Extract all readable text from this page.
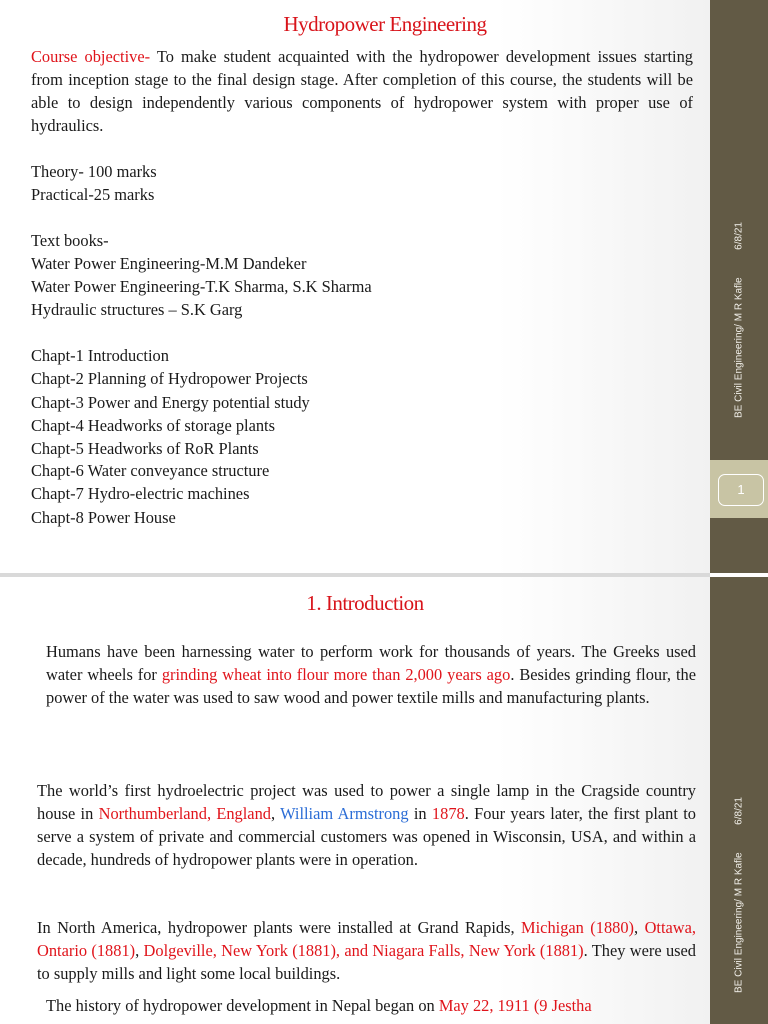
Hydropower Engineering
Course objective- To make student acquainted with the hydropower development issues starting from inception stage to the final design stage. After completion of this course, the students will be able to design independently various components of hydropower system with proper use of hydraulics.
Theory- 100 marks
Practical-25 marks
Text books-
Water Power Engineering-M.M Dandeker
Water Power Engineering-T.K Sharma, S.K Sharma
Hydraulic structures – S.K Garg
Chapt-1 Introduction
Chapt-2 Planning of Hydropower Projects
Chapt-3 Power and Energy potential study
Chapt-4 Headworks of storage plants
Chapt-5 Headworks of RoR Plants
Chapt-6 Water conveyance structure
Chapt-7 Hydro-electric machines
Chapt-8 Power House
BE Civil Engineering/ M R Kafle  6/8/21
1
1. Introduction
Humans have been harnessing water to perform work for thousands of years. The Greeks used water wheels for grinding wheat into flour more than 2,000 years ago. Besides grinding flour, the power of the water was used to saw wood and power textile mills and manufacturing plants.
The world’s first hydroelectric project was used to power a single lamp in the Cragside country house in Northumberland, England, William Armstrong in 1878. Four years later, the first plant to serve a system of private and commercial customers was opened in Wisconsin, USA, and within a decade, hundreds of hydropower plants were in operation.
In North America, hydropower plants were installed at Grand Rapids, Michigan (1880), Ottawa, Ontario (1881), Dolgeville, New York (1881), and Niagara Falls, New York (1881). They were used to supply mills and light some local buildings.
The history of hydropower development in Nepal began on May 22, 1911 (9 Jestha
BE Civil Engineering/ M R Kafle  6/8/21
